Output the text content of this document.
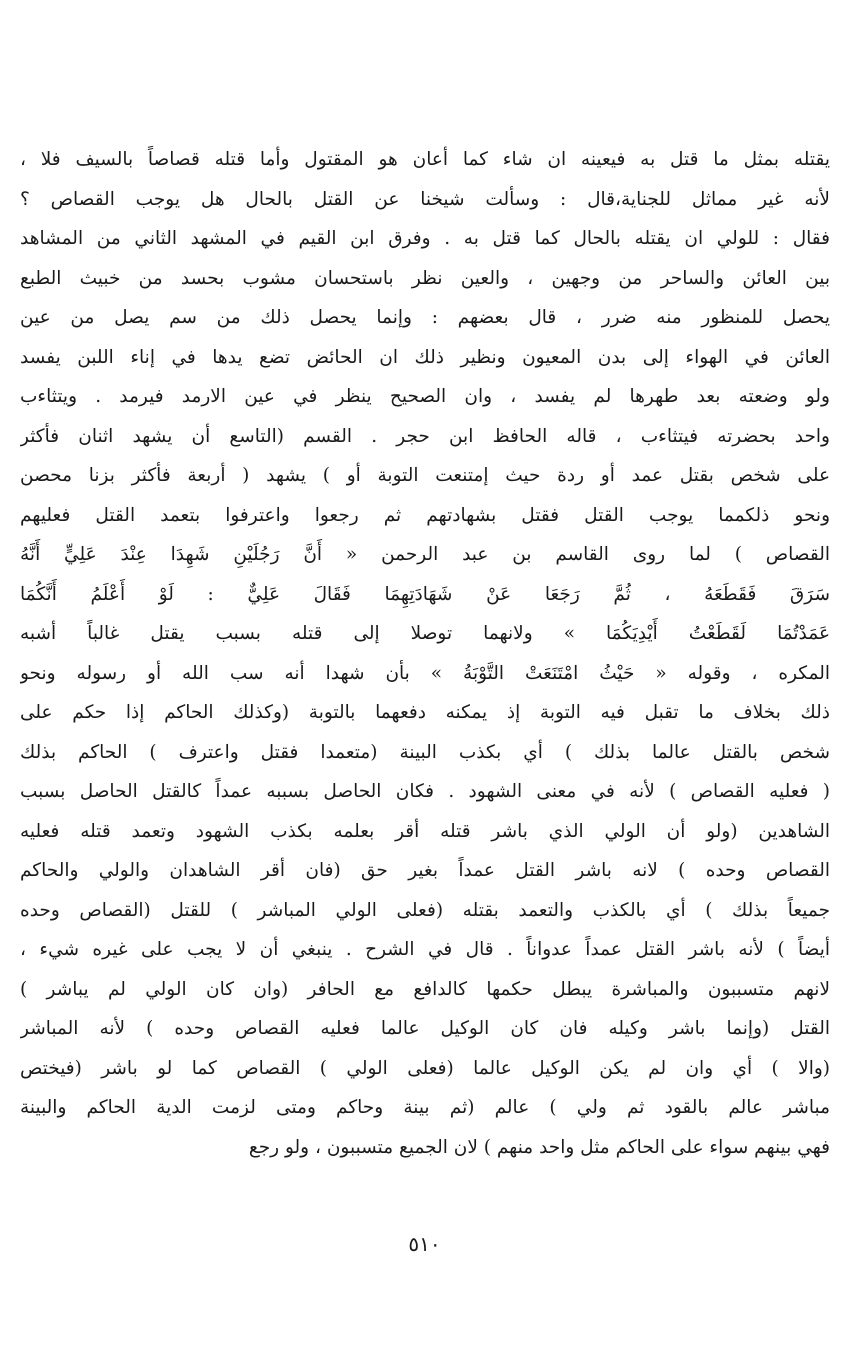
يقتله بمثل ما قتل به فيعينه ان شاء كما أعان هو المقتول وأما قتله قصاصاً بالسيف فلا ،
لأنه غير مماثل للجناية،قال : وسألت شيخنا عن القتل بالحال هل يوجب القصاص ؟
فقال : للولي ان يقتله بالحال كما قتل به . وفرق ابن القيم في المشهد الثاني من المشاهد
بين العائن والساحر من وجهين ، والعين نظر باستحسان مشوب بحسد من خبيث الطبع
يحصل للمنظور منه ضرر ، قال بعضهم : وإنما يحصل ذلك من سم يصل من عين
العائن في الهواء إلى بدن المعيون ونظير ذلك ان الحائض تضع يدها في إناء اللبن يفسد
ولو وضعته بعد طهرها لم يفسد ، وان الصحيح ينظر في عين الارمد فيرمد . ويتثاءب
واحد بحضرته فيتثاءب ، قاله الحافظ ابن حجر . القسم (التاسع أن يشهد اثنان فأكثر
على شخص بقتل عمد أو ردة حيث إمتنعت التوبة أو ) يشهد ( أربعة فأكثر بزنا محصن
ونحو ذلكمما يوجب القتل فقتل بشهادتهم ثم رجعوا واعترفوا بتعمد القتل فعليهم
القصاص ) لما روى القاسم بن عبد الرحمن « أَنَّ رَجُلَيْنِ شَهِدَا عِنْدَ عَلِيٍّ أَنَّهُ
سَرَقَ فَقَطَعَهُ ، ثُمَّ رَجَعَا عَنْ شَهَادَتِهِمَا فَقَالَ عَلِيٌّ : لَوْ أَعْلَمُ أَنَّكُمَا
عَمَدْتُمَا لَقَطَعْتُ أَيْدِيَكُمَا » ولانهما توصلا إلى قتله بسبب يقتل غالباً أشبه
المكره ، وقوله « حَيْثُ امْتَنَعَتْ التَّوْبَةُ » بأن شهدا أنه سب الله أو رسوله ونحو
ذلك بخلاف ما تقبل فيه التوبة إذ يمكنه دفعهما بالتوبة (وكذلك الحاكم إذا حكم على
شخص بالقتل عالما بذلك ) أي بكذب البينة (متعمدا فقتل واعترف ) الحاكم بذلك
( فعليه القصاص ) لأنه في معنى الشهود . فكان الحاصل بسببه عمداً كالقتل الحاصل بسبب
الشاهدين (ولو أن الولي الذي باشر قتله أقر بعلمه بكذب الشهود وتعمد قتله فعليه
القصاص وحده ) لانه باشر القتل عمداً بغير حق (فان أقر الشاهدان والولي والحاكم
جميعاً بذلك ) أي بالكذب والتعمد بقتله (فعلى الولي المباشر ) للقتل (القصاص وحده
أيضاً ) لأنه باشر القتل عمداً عدواناً . قال في الشرح . ينبغي أن لا يجب على غيره شيء ،
لانهم متسببون والمباشرة يبطل حكمها كالدافع مع الحافر (وان كان الولي لم يباشر )
القتل (وإنما باشر وكيله فان كان الوكيل عالما فعليه القصاص وحده ) لأنه المباشر
(والا ) أي وان لم يكن الوكيل عالما (فعلى الولي ) القصاص كما لو باشر (فيختص
مباشر عالم بالقود ثم ولي ) عالم (ثم بينة وحاكم ومتى لزمت الدية الحاكم والبينة
فهي بينهم سواء على الحاكم مثل واحد منهم ) لان الجميع متسببون ، ولو رجع
٥١٠
